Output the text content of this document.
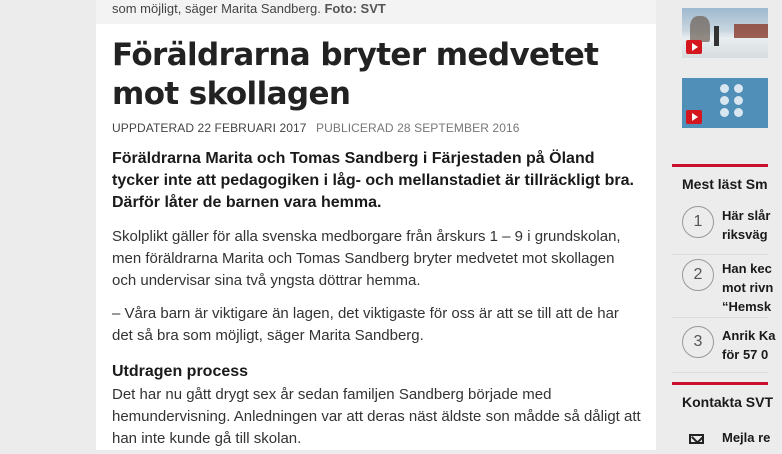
som möjligt, säger Marita Sandberg. Foto: SVT
Föräldrarna bryter medvetet mot skollagen
UPPDATERAD 22 FEBRUARI 2017 PUBLICERAD 28 SEPTEMBER 2016

Föräldrarna Marita och Tomas Sandberg i Färjestaden på Öland tycker inte att pedagogiken i låg- och mellanstadiet är tillräckligt bra. Därför låter de barnen vara hemma.

Skolplikt gäller för alla svenska medborgare från årskurs 1 – 9 i grundskolan, men föräldrarna Marita och Tomas Sandberg bryter medvetet mot skollagen och undervisar sina två yngsta döttrar hemma.

– Våra barn är viktigare än lagen, det viktigaste för oss är att se till att de har det så bra som möjligt, säger Marita Sandberg.

Utdragen process

Det har nu gått drygt sex år sedan familjen Sandberg började med hemundervisning. Anledningen var att deras näst äldste son mådde så dåligt att han inte kunde gå till skolan.

Mest läst Sm
1	Här slår
riksväg
2	Han kec
mot rivn
“Hemsk
3	Anrik Ka
för 57 0
Kontakta SVT
Mejla re
